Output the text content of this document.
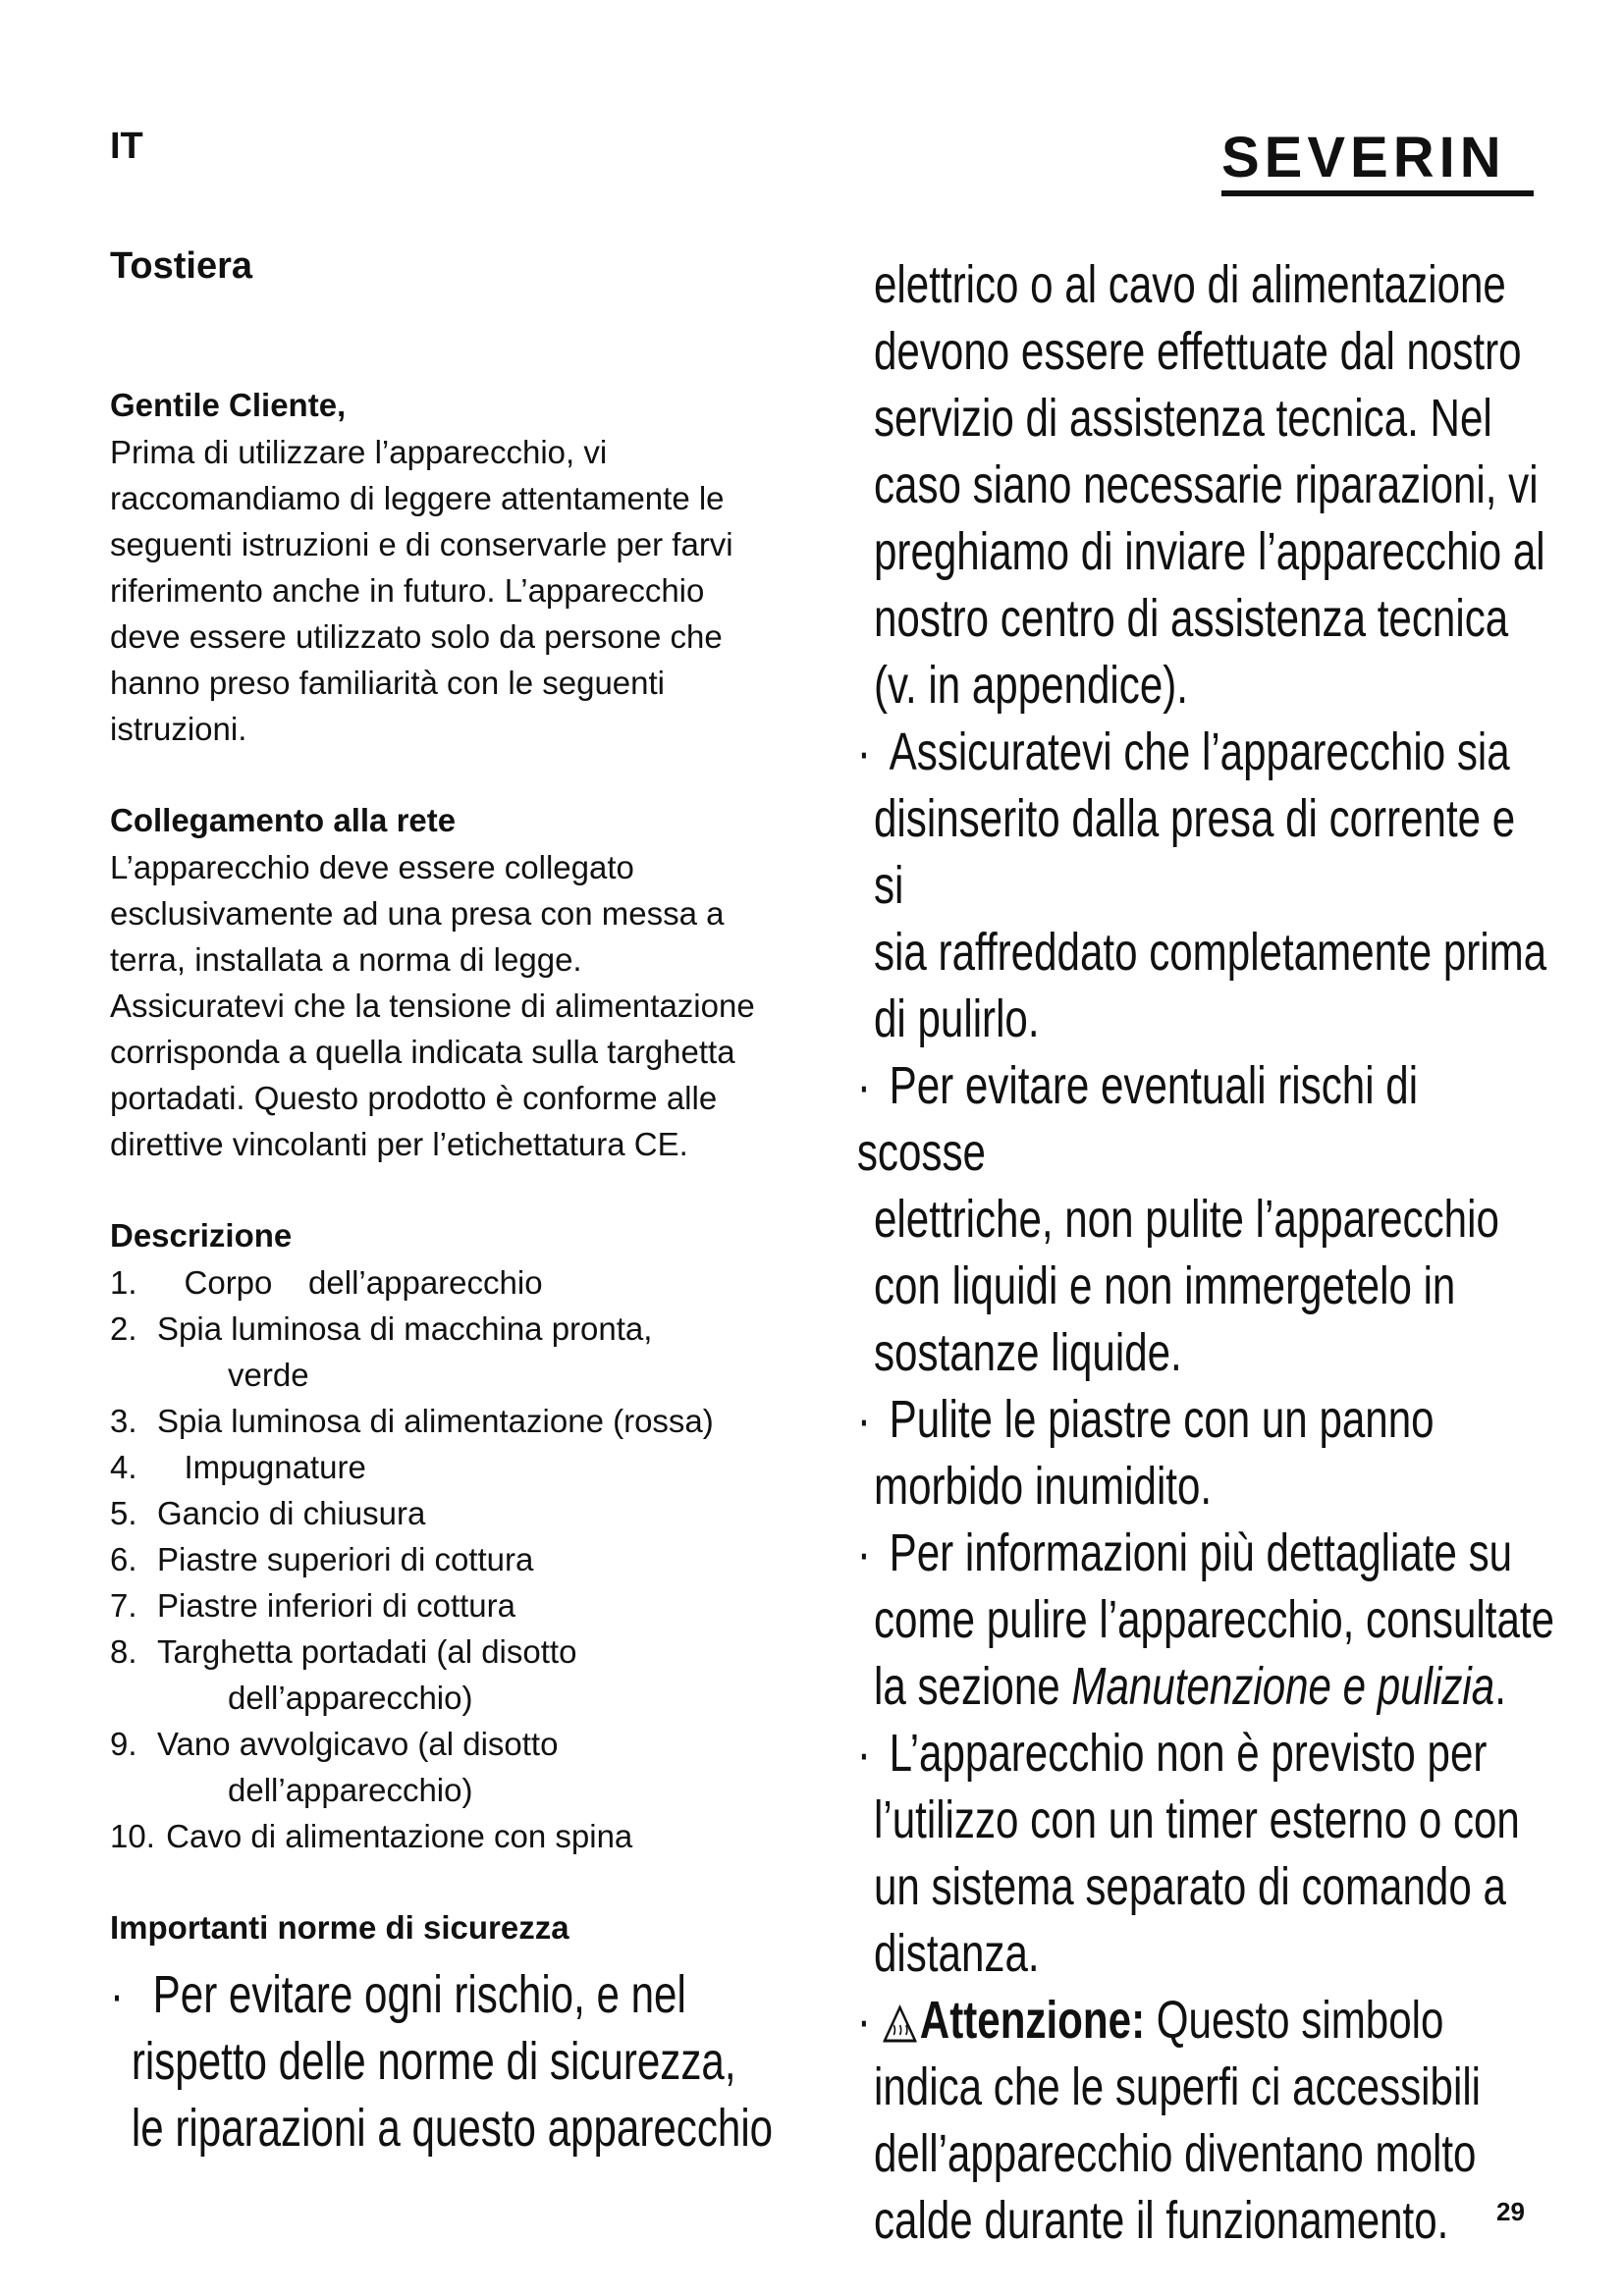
IT	SEVERIN
Tostiera

Gentile Cliente,

Prima di utilizzare l’apparecchio, vi

raccomandiamo di leggere attentamente le

seguenti istruzioni e di conservarle per farvi

riferimento anche in futuro. L’apparecchio

deve essere utilizzato solo da persone che

hanno preso familiarità con le seguenti

istruzioni.

Collegamento alla rete

L’apparecchio deve essere collegato

esclusivamente ad una presa con messa a

terra, installata a norma di legge.

Assicuratevi che la tensione di alimentazione

corrisponda a quella indicata sulla targhetta

portadati. Questo prodotto è conforme alle

direttive vincolanti per l’etichettatura CE.

Descrizione

1. Corpo    dell’apparecchio
2. Spia luminosa di macchina pronta,
verde
3. Spia luminosa di alimentazione (rossa)
4. Impugnature
5. Gancio di chiusura
6. Piastre superiori di cottura
7. Piastre inferiori di cottura
8. Targhetta portadati (al disotto
dell’apparecchio)
9. Vano avvolgicavo (al disotto
dell’apparecchio)
10. Cavo di alimentazione con spina

Importanti norme di sicurezza

· Per evitare ogni rischio, e nel
rispetto delle norme di sicurezza,
le riparazioni a questo apparecchio
elettrico o al cavo di alimentazione
devono essere effettuate dal nostro
servizio di assistenza tecnica. Nel
caso siano necessarie riparazioni, vi
preghiamo di inviare l’apparecchio al
nostro centro di assistenza tecnica
(v. in appendice).
· Assicuratevi che l’apparecchio sia
disinserito dalla presa di corrente e si
sia raffreddato completamente prima
di pulirlo.
· Per evitare eventuali rischi di scosse
elettriche, non pulite l’apparecchio
con liquidi e non immergetelo in
sostanze liquide.
· Pulite le piastre con un panno
morbido inumidito.
· Per informazioni più dettagliate su
come pulire l’apparecchio, consultate
la sezione Manutenzione e pulizia.
· L’apparecchio non è previsto per
l’utilizzo con un timer esterno o con
un sistema separato di comando a
distanza.
· Attenzione: Questo simbolo
indica che le superfi ci accessibili
dell’apparecchio diventano molto
calde durante il funzionamento.	29
